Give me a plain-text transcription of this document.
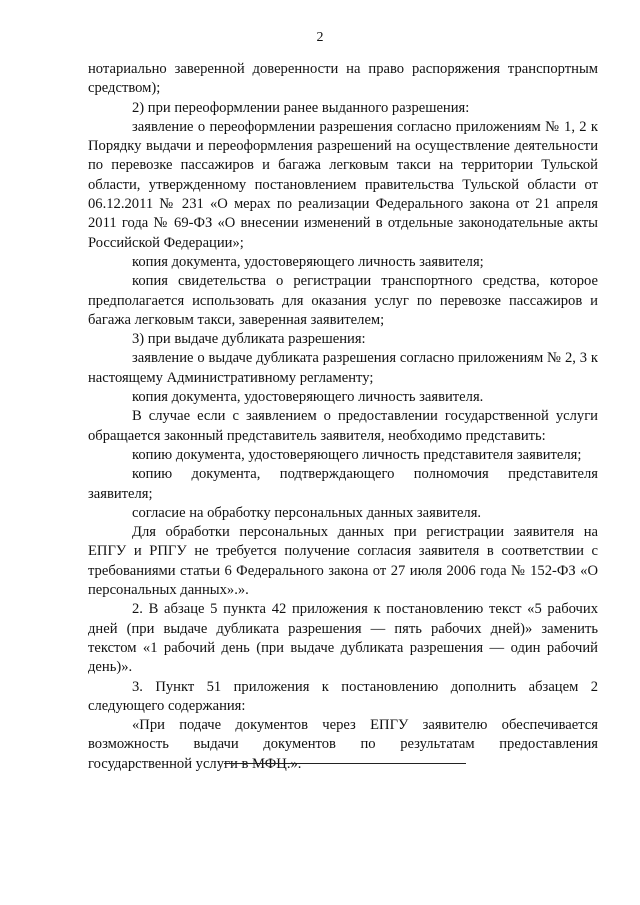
2

нотариально заверенной доверенности на право распоряжения транспортным средством);

2) при переоформлении ранее выданного разрешения:

заявление о переоформлении разрешения согласно приложениям № 1, 2 к Порядку выдачи и переоформления разрешений на осуществление деятельности по перевозке пассажиров и багажа легковым такси на территории Тульской области, утвержденному постановлением правительства Тульской области от 06.12.2011 № 231 «О мерах по реализации Федерального закона от 21 апреля 2011 года № 69-ФЗ «О внесении изменений в отдельные законодательные акты Российской Федерации»;

копия документа, удостоверяющего личность заявителя;

копия свидетельства о регистрации транспортного средства, которое предполагается использовать для оказания услуг по перевозке пассажиров и багажа легковым такси, заверенная заявителем;

3) при выдаче дубликата разрешения:

заявление о выдаче дубликата разрешения согласно приложениям № 2, 3 к настоящему Административному регламенту;

копия документа, удостоверяющего личность заявителя.

В случае если с заявлением о предоставлении государственной услуги обращается законный представитель заявителя, необходимо представить:

копию документа, удостоверяющего личность представителя заявителя;

копию документа, подтверждающего полномочия представителя заявителя;

согласие на обработку персональных данных заявителя.

Для обработки персональных данных при регистрации заявителя на ЕПГУ и РПГУ не требуется получение согласия заявителя в соответствии с требованиями статьи 6 Федерального закона от 27 июля 2006 года № 152-ФЗ «О персональных данных».».

2. В абзаце 5 пункта 42 приложения к постановлению текст «5 рабочих дней (при выдаче дубликата разрешения — пять рабочих дней)» заменить текстом «1 рабочий день (при выдаче дубликата разрешения — один рабочий день)».

3. Пункт 51 приложения к постановлению дополнить абзацем 2 следующего содержания:

«При подаче документов через ЕПГУ заявителю обеспечивается возможность выдачи документов по результатам предоставления государственной услуги в МФЦ.».
